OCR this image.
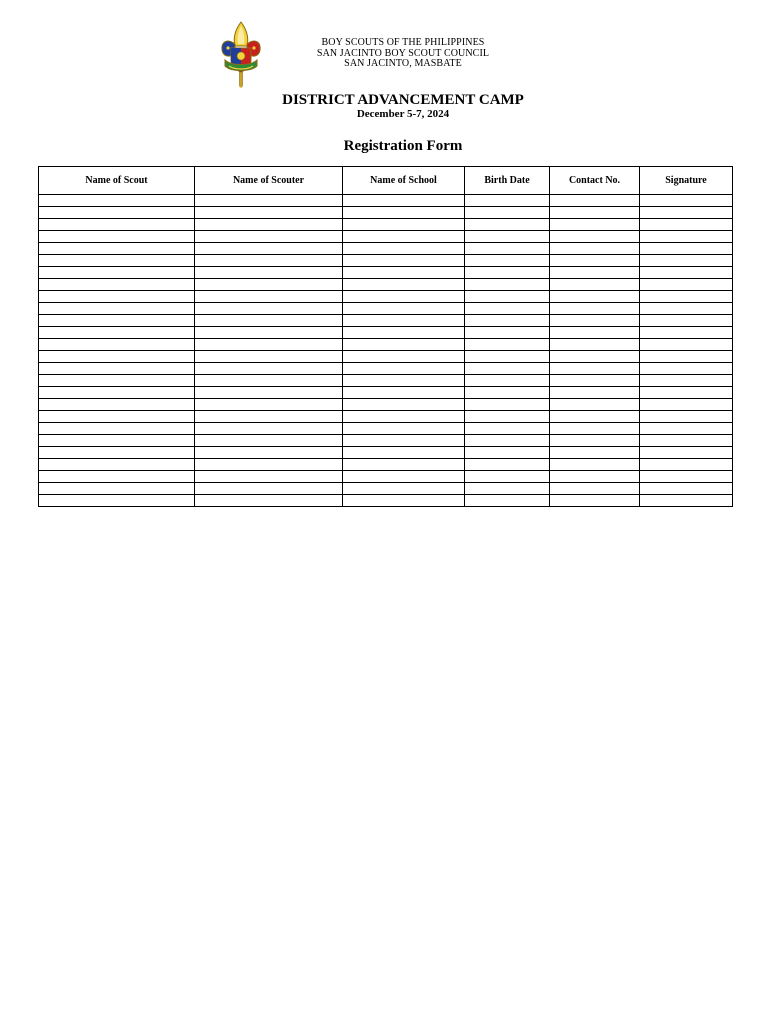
BOY SCOUTS OF THE PHILIPPINES
SAN JACINTO BOY SCOUT COUNCIL
SAN JACINTO, MASBATE
DISTRICT ADVANCEMENT CAMP
December 5-7, 2024
Registration Form
Name of Scout	Name of Scouter	Name of School	Birth Date	Contact No.	Signature
